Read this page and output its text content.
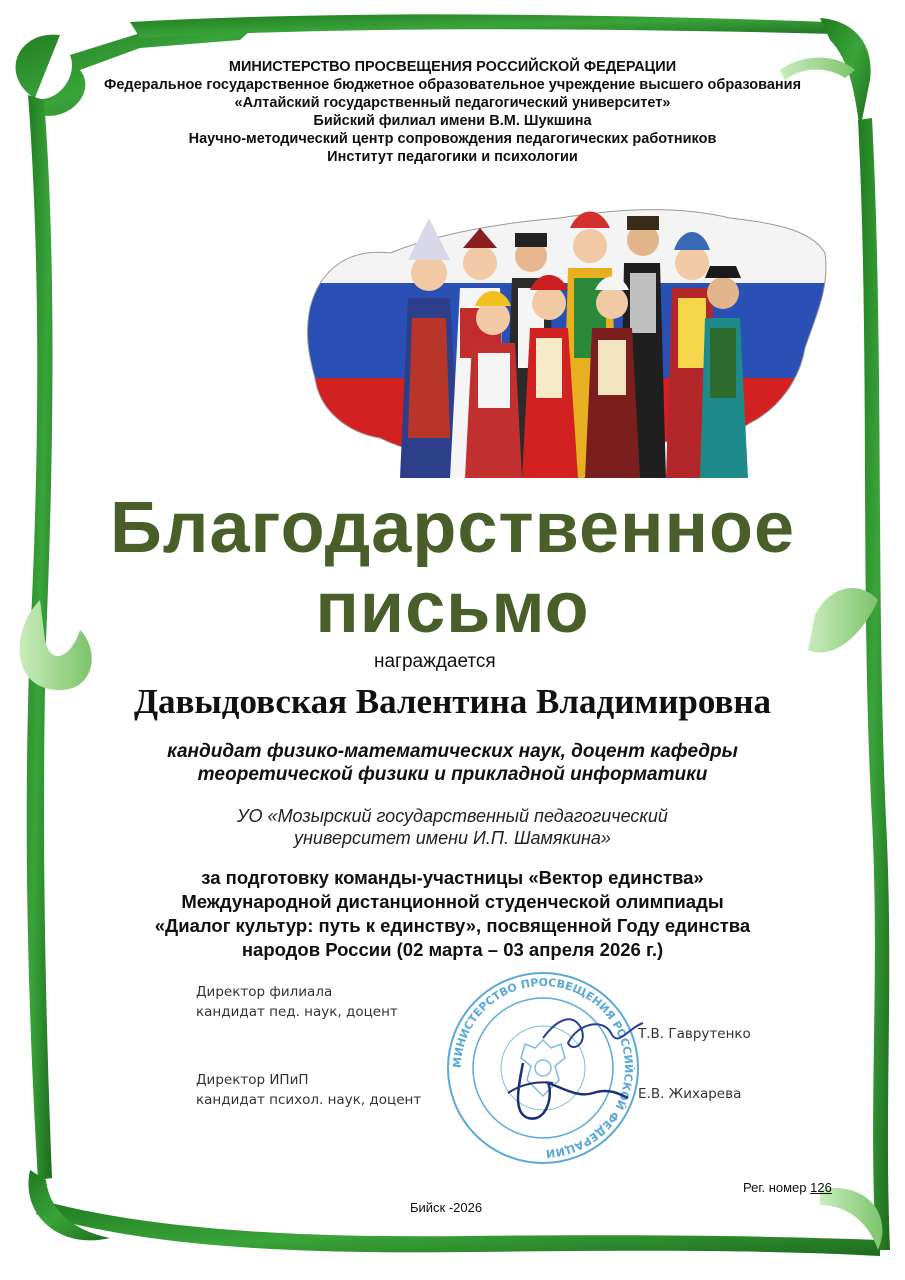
МИНИСТЕРСТВО ПРОСВЕЩЕНИЯ РОССИЙСКОЙ ФЕДЕРАЦИИ
Федеральное государственное бюджетное образовательное учреждение высшего образования
«Алтайский государственный педагогический университет»
Бийский филиал имени В.М. Шукшина
Научно-методический центр сопровождения педагогических работников
Институт педагогики и психологии
Благодарственное
письмо
награждается
Давыдовская Валентина Владимировна
кандидат физико-математических наук, доцент кафедры
теоретической физики и прикладной информатики
УО «Мозырский государственный педагогический
университет имени И.П. Шамякина»
за подготовку команды-участницы «Вектор единства»
Международной дистанционной студенческой олимпиады
«Диалог культур: путь к единству», посвященной Году единства
народов России (02 марта – 03 апреля 2026 г.)
МИНИСТЕРСТВО ПРОСВЕЩЕНИЯ РОССИЙСКОЙ ФЕДЕРАЦИИ
Директор филиала
кандидат пед. наук, доцент
Т.В. Гаврутенко
Директор ИПиП
кандидат психол. наук, доцент	Е.В. Жихарева
Рег. номер 126
Бийск -2026
